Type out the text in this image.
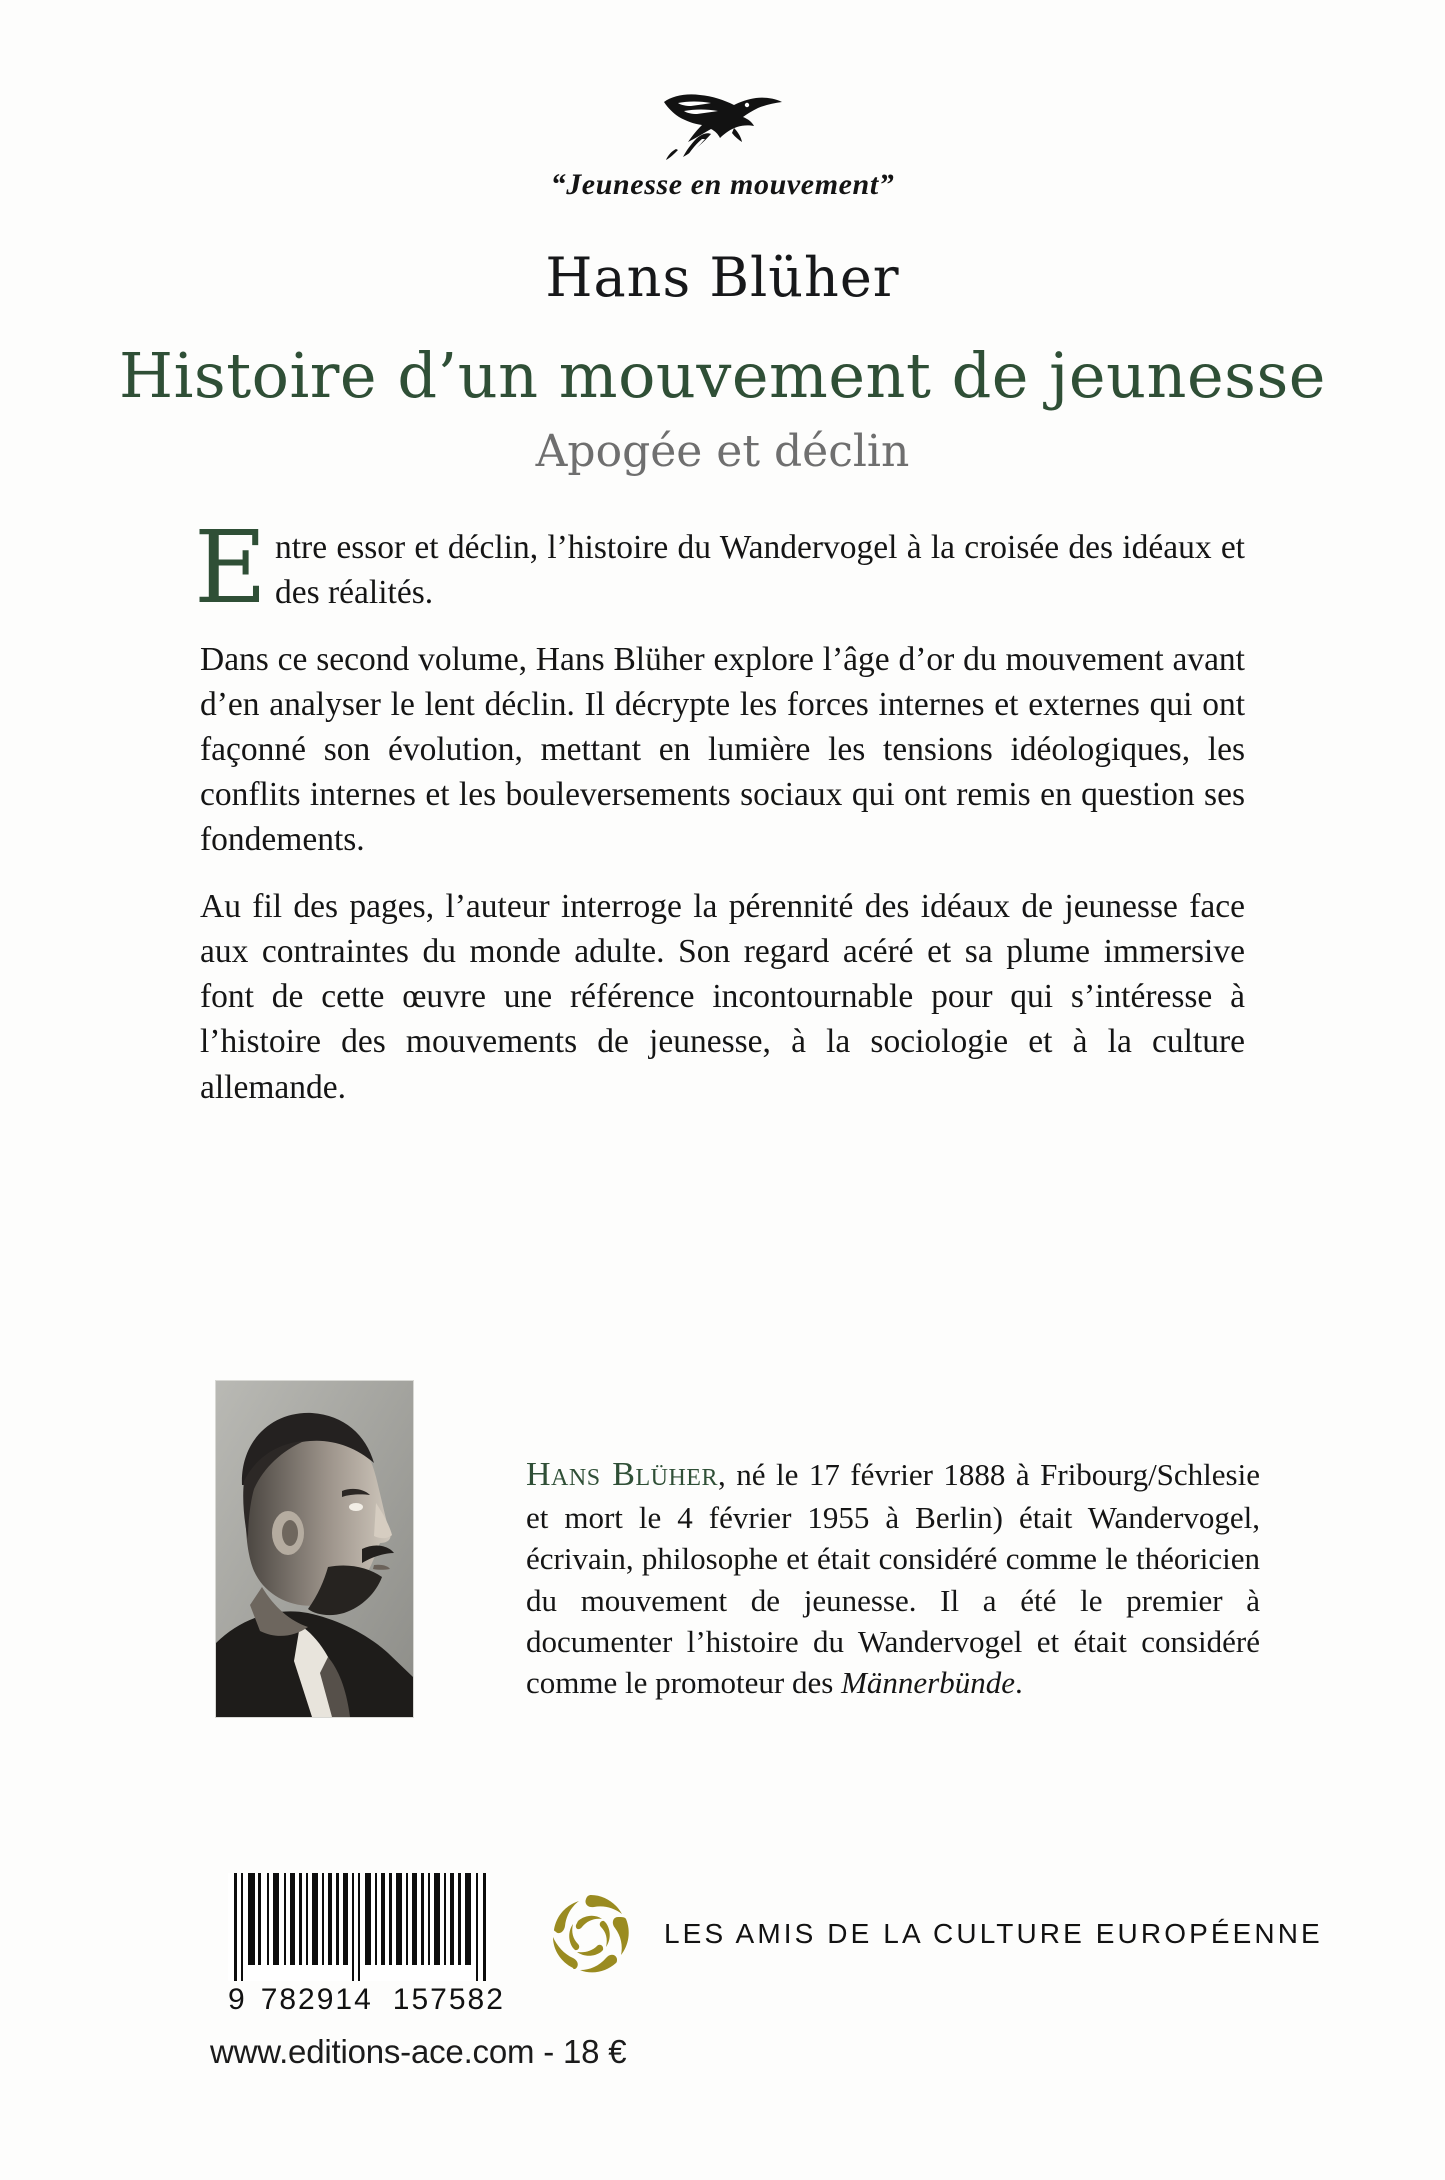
“Jeunesse en mouvement”
Hans Blüher
Histoire d’un mouvement de jeunesse
Apogée et déclin

Entre essor et déclin, l’histoire du Wandervogel à la croisée des idéaux et des réalités.

Dans ce second volume, Hans Blüher explore l’âge d’or du mouvement avant d’en analyser le lent déclin. Il décrypte les forces internes et externes qui ont façonné son évolution, mettant en lumière les tensions idéologiques, les conflits internes et les bouleversements sociaux qui ont remis en question ses fondements.

Au fil des pages, l’auteur interroge la pérennité des idéaux de jeunesse face aux contraintes du monde adulte. Son regard acéré et sa plume immersive font de cette œuvre une référence incontournable pour qui s’intéresse à l’histoire des mouvements de jeunesse, à la sociologie et à la culture allemande.

Hans Blüher, né le 17 février 1888 à Fribourg/Schlesie et mort le 4 février 1955 à Berlin) était Wandervogel, écrivain, philosophe et était considéré comme le théoricien du mouvement de jeunesse. Il a été le premier à documenter l’histoire du Wandervogel et était considéré comme le promoteur des Männerbünde.

9 782914 157582
www.editions-ace.com - 18 €
LES AMIS DE LA CULTURE EUROPÉENNE
